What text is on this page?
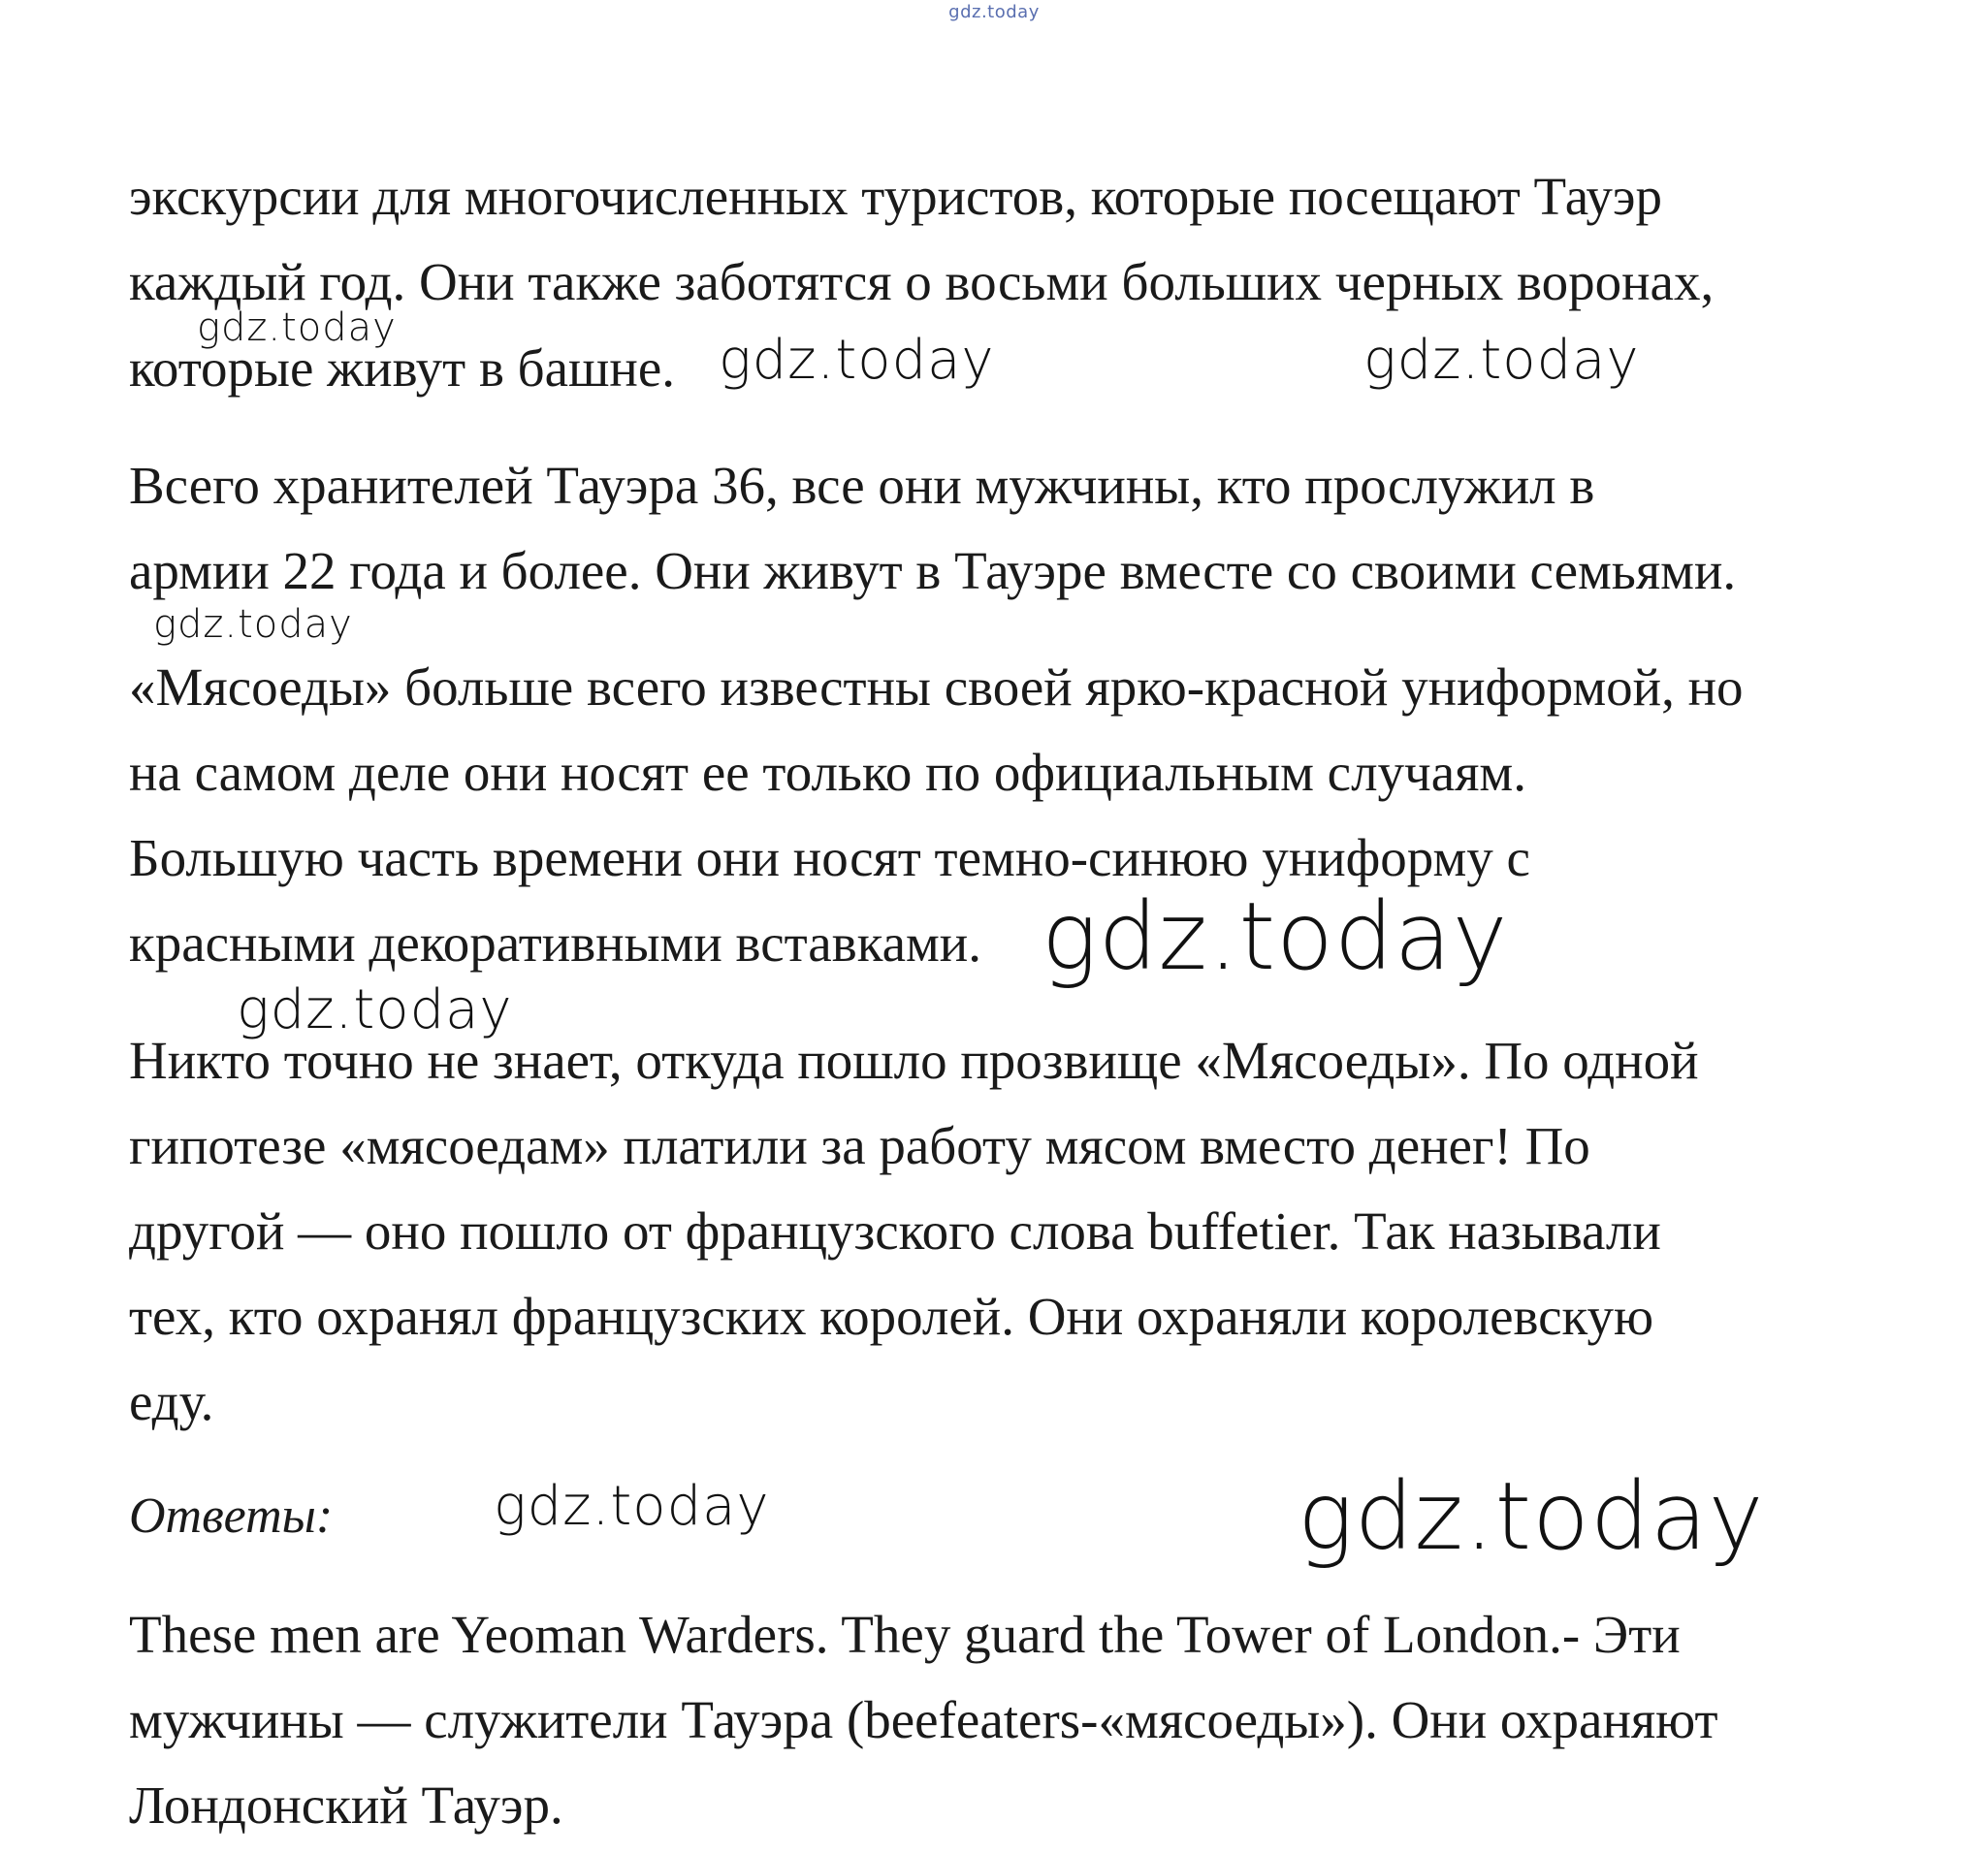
gdz.today
экскурсии для многочисленных туристов, которые посещают Тауэр
каждый год. Они также заботятся о восьми больших черных воронах,
которые живут в башне.
Всего хранителей Тауэра 36, все они мужчины, кто прослужил в
армии 22 года и более. Они живут в Тауэре вместе со своими семьями.
«Мясоеды» больше всего известны своей ярко-красной униформой, но
на самом деле они носят ее только по официальным случаям.
Большую часть времени они носят темно-синюю униформу с
красными декоративными вставками.
Никто точно не знает, откуда пошло прозвище «Мясоеды». По одной
гипотезе «мясоедам» платили за работу мясом вместо денег! По
другой — оно пошло от французского слова buffetier. Так называли
тех, кто охранял французских королей. Они охраняли королевскую
еду.
Ответы:
These men are Yeoman Warders. They guard the Tower of London.- Эти
мужчины — служители Тауэра (beefeaters-«мясоеды»). Они охраняют
Лондонский Тауэр.
gdz.today
gdz.today	gdz.today
gdz.today
gdz.today
gdz.today
gdz.today	gdz.today
